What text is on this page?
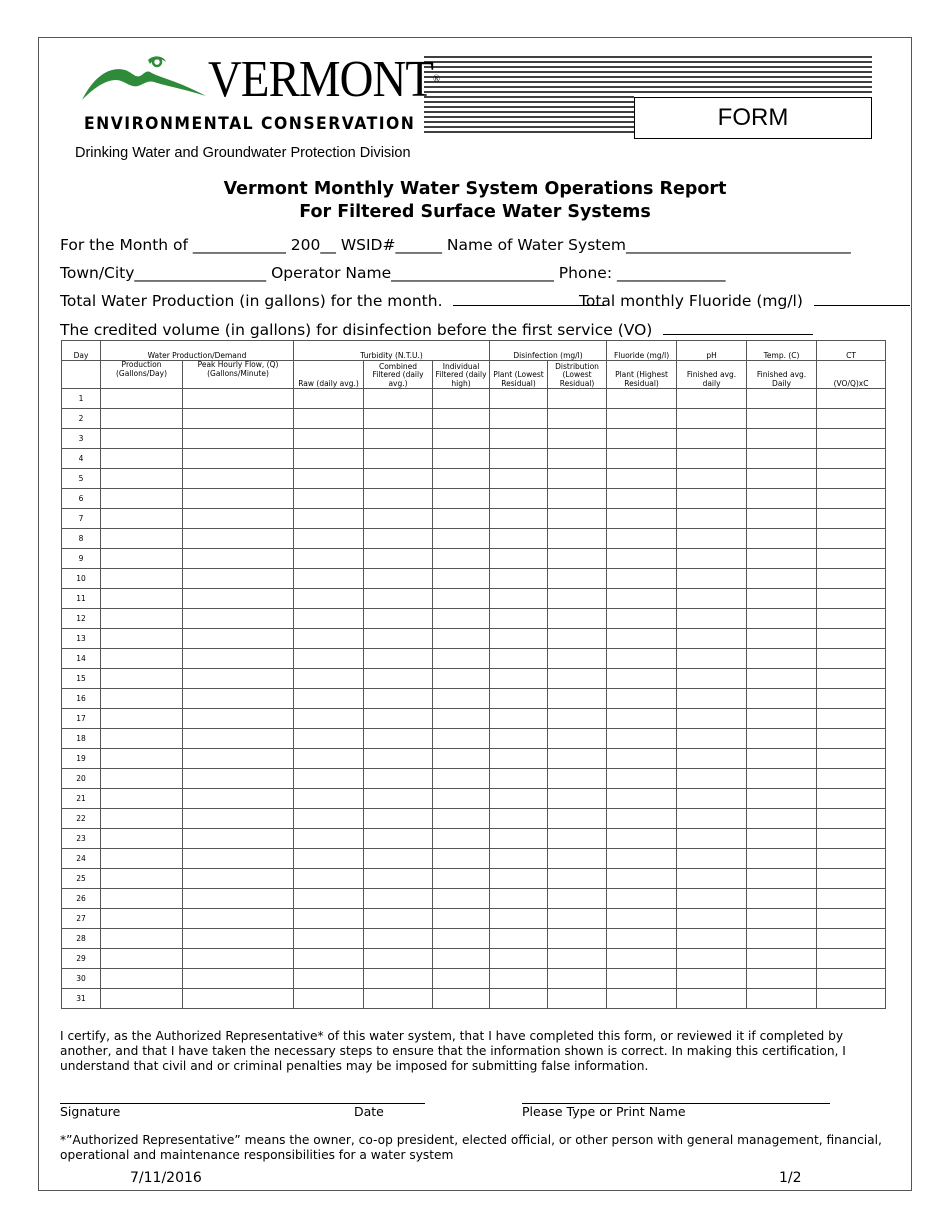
VERMONT®
ENVIRONMENTAL CONSERVATION	FORM
Drinking Water and Groundwater Protection Division
Vermont Monthly Water System Operations Report
For Filtered Surface Water Systems
For the Month of ____________ 200__ WSID#______ Name of Water System_____________________________
Town/City_________________ Operator Name_____________________ Phone: ______________
Total Water Production (in gallons) for the month.	Total monthly Fluoride (mg/l)
The credited volume (in gallons) for disinfection before the first service (VO)
Day	Water Production/Demand		Turbidity (N.T.U.)			Disinfection (mg/l)		Fluoride (mg/l)	pH	Temp. (C)	CT
	Production (Gallons/Day)	Peak Hourly Flow, (Q) (Gallons/Minute)	Raw (daily avg.)	Combined Filtered (daily avg.)	Individual Filtered (daily high)	Plant (Lowest Residual)	Distribution (Lowest Residual)	Plant (Highest Residual)	Finished avg. daily	Finished avg. Daily	(VO/Q)xC
1											
2											
3											
4											
5											
6											
7											
8											
9											
10											
11											
12											
13											
14											
15											
16											
17											
18											
19											
20											
21											
22											
23											
24											
25											
26											
27											
28											
29											
30											
31											
I certify, as the Authorized Representative* of this water system, that I have completed this form, or reviewed it if completed by another, and that I have taken the necessary steps to ensure that the information shown is correct. In making this certification, I understand that civil and or criminal penalties may be imposed for submitting false information.
Signature	Date	Please Type or Print Name
*”Authorized Representative” means the owner, co-op president, elected official, or other person with general management, financial, operational and maintenance responsibilities for a water system
7/11/2016	1/2
